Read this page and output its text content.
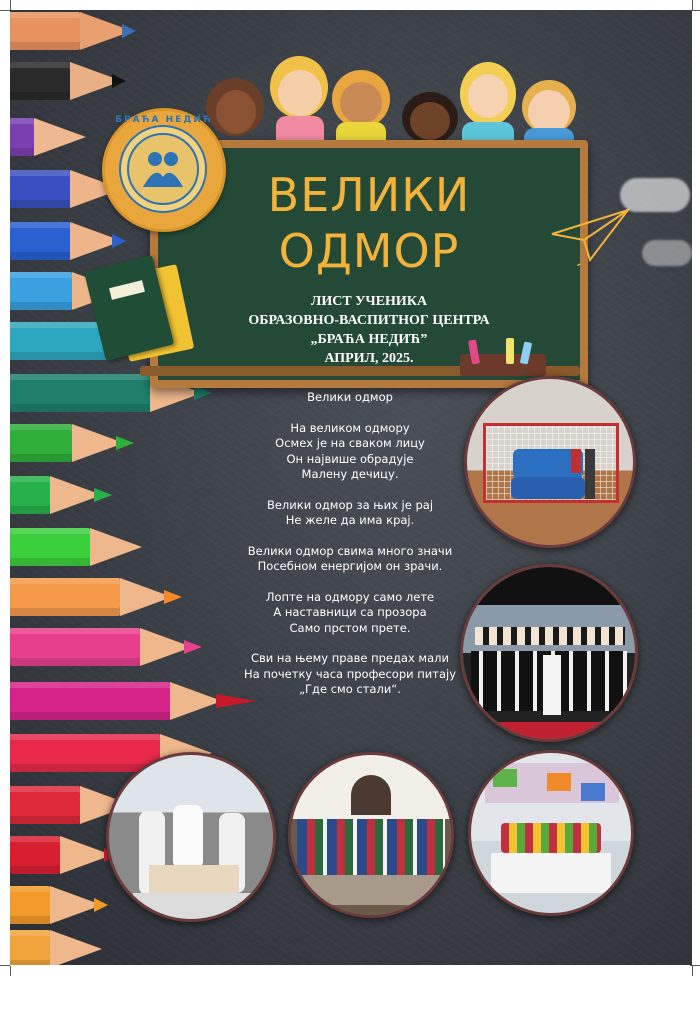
ВЕЛИКИ
ОДМОР
ЛИСТ УЧЕНИКА
ОБРАЗОВНО-ВАСПИТНОГ ЦЕНТРА
„БРАЋА НЕДИЋ”
АПРИЛ, 2025.
БРАЋА НЕДИЋ

Велики одмор

На великом одмору
Осмех је на сваком лицу
Он највише обрадује
Малену дечицу.

Велики одмор за њих је рај
Не желе да има крај.

Велики одмор свима много значи
Посебном енергијом он зрачи.

Лопте на одмору само лете
А наставници са прозора
Само прстом прете.

Сви на њему праве предах мали
На почетку часа професори питају
„Где смо стали“.
